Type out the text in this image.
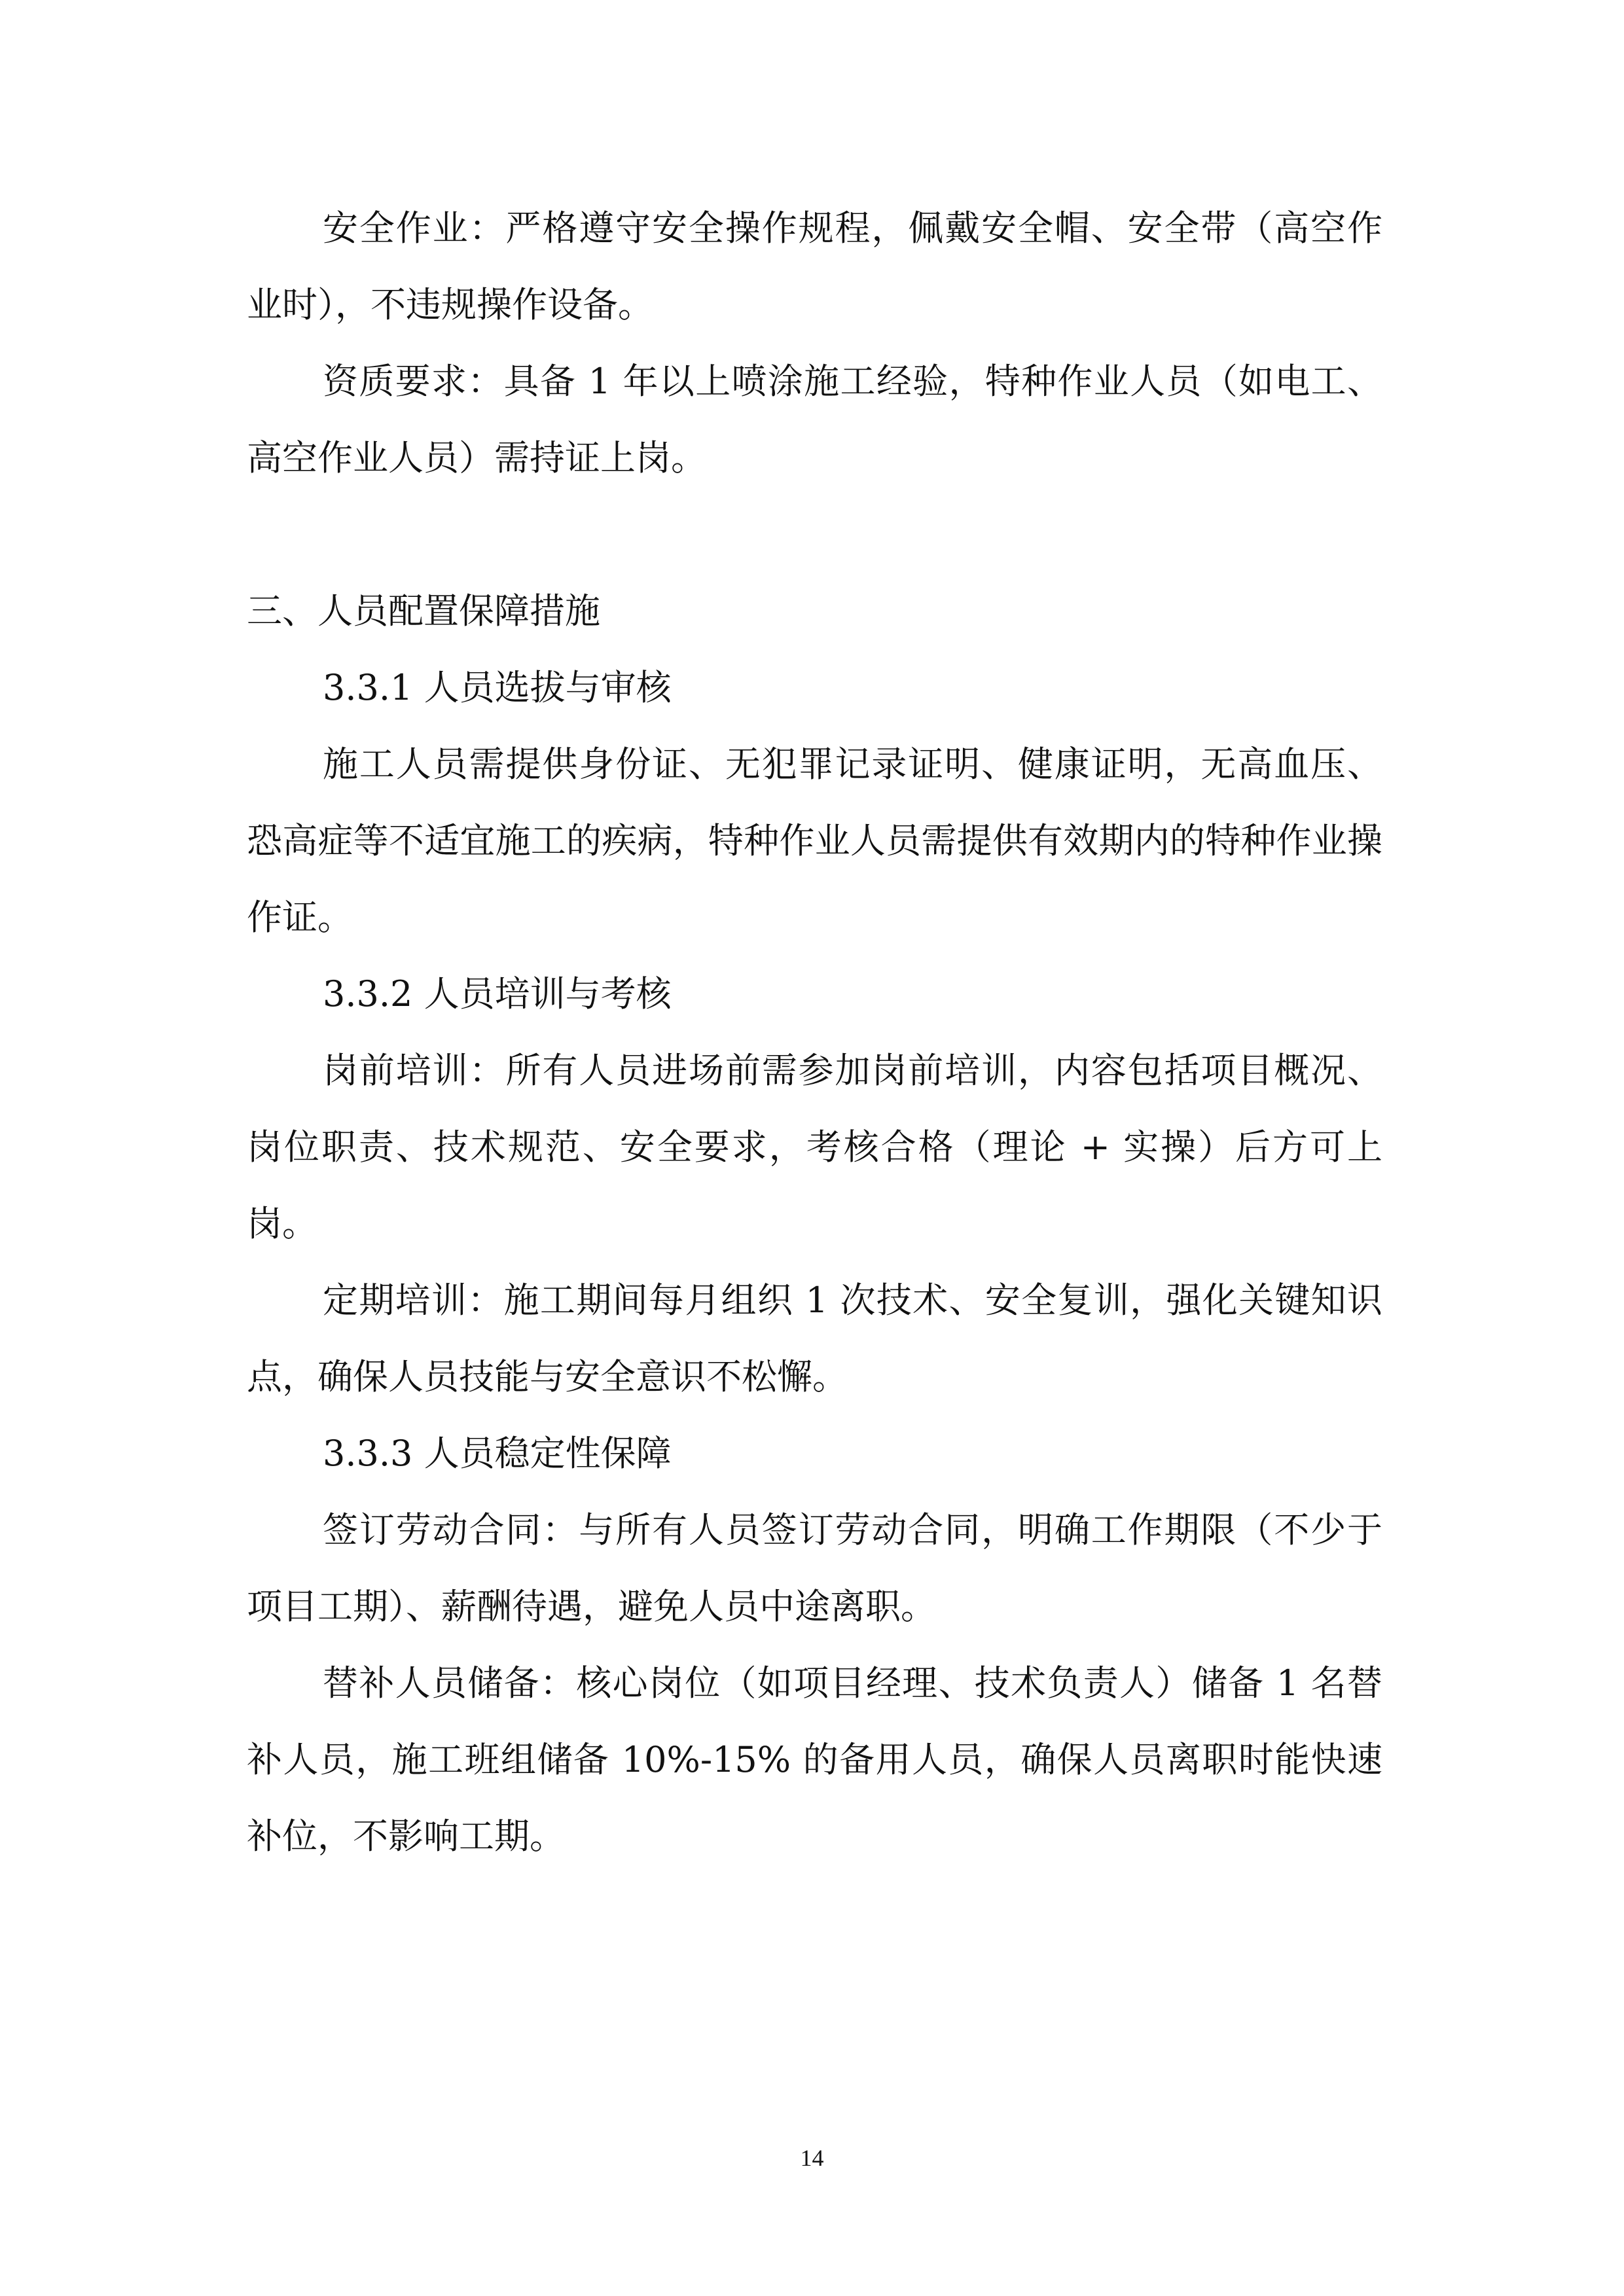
安全作业：严格遵守安全操作规程，佩戴安全帽、安全带（高空作业时），不违规操作设备。

资质要求：具备 1 年以上喷涂施工经验，特种作业人员（如电工、高空作业人员）需持证上岗。

三、人员配置保障措施

3.3.1 人员选拔与审核

施工人员需提供身份证、无犯罪记录证明、健康证明，无高血压、恐高症等不适宜施工的疾病，特种作业人员需提供有效期内的特种作业操作证。

3.3.2 人员培训与考核

岗前培训：所有人员进场前需参加岗前培训，内容包括项目概况、岗位职责、技术规范、安全要求，考核合格（理论 + 实操）后方可上岗。

定期培训：施工期间每月组织 1 次技术、安全复训，强化关键知识点，确保人员技能与安全意识不松懈。

3.3.3 人员稳定性保障

签订劳动合同：与所有人员签订劳动合同，明确工作期限（不少于项目工期）、薪酬待遇，避免人员中途离职。

替补人员储备：核心岗位（如项目经理、技术负责人）储备 1 名替补人员，施工班组储备 10%-15% 的备用人员，确保人员离职时能快速补位，不影响工期。

14
